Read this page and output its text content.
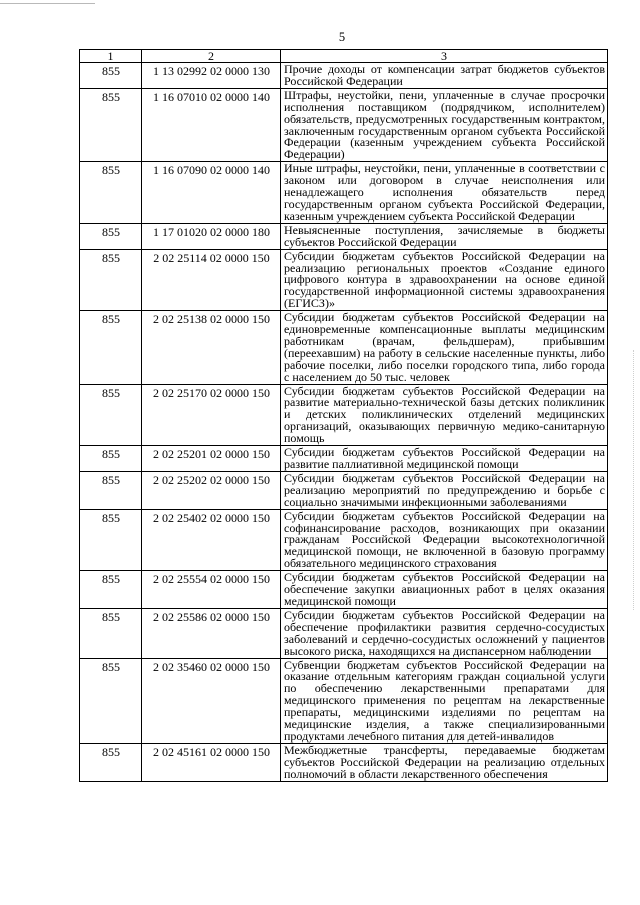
5
1	2	3
855	1 13 02992 02 0000 130	Прочие доходы от компенсации затрат бюджетов субъектов Российской Федерации
855	1 16 07010 02 0000 140	Штрафы, неустойки, пени, уплаченные в случае просрочки исполнения поставщиком (подрядчиком, исполнителем) обязательств, предусмотренных государственным контрактом, заключенным государственным органом субъекта Российской Федерации (казенным учреждением субъекта Российской Федерации)
855	1 16 07090 02 0000 140	Иные штрафы, неустойки, пени, уплаченные в соответствии с законом или договором в случае неисполнения или ненадлежащего исполнения обязательств перед государственным органом субъекта Российской Федерации, казенным учреждением субъекта Российской Федерации
855	1 17 01020 02 0000 180	Невыясненные поступления, зачисляемые в бюджеты субъектов Российской Федерации
855	2 02 25114 02 0000 150	Субсидии бюджетам субъектов Российской Федерации на реализацию региональных проектов «Создание единого цифрового контура в здравоохранении на основе единой государственной информационной системы здравоохранения (ЕГИСЗ)»
855	2 02 25138 02 0000 150	Субсидии бюджетам субъектов Российской Федерации на единовременные компенсационные выплаты медицинским работникам (врачам, фельдшерам), прибывшим (переехавшим) на работу в сельские населенные пункты, либо рабочие поселки, либо поселки городского типа, либо города с населением до 50 тыс. человек
855	2 02 25170 02 0000 150	Субсидии бюджетам субъектов Российской Федерации на развитие материально-технической базы детских поликлиник и детских поликлинических отделений медицинских организаций, оказывающих первичную медико-санитарную помощь
855	2 02 25201 02 0000 150	Субсидии бюджетам субъектов Российской Федерации на развитие паллиативной медицинской помощи
855	2 02 25202 02 0000 150	Субсидии бюджетам субъектов Российской Федерации на реализацию мероприятий по предупреждению и борьбе с социально значимыми инфекционными заболеваниями
855	2 02 25402 02 0000 150	Субсидии бюджетам субъектов Российской Федерации на софинансирование расходов, возникающих при оказании гражданам Российской Федерации высокотехнологичной медицинской помощи, не включенной в базовую программу обязательного медицинского страхования
855	2 02 25554 02 0000 150	Субсидии бюджетам субъектов Российской Федерации на обеспечение закупки авиационных работ в целях оказания медицинской помощи
855	2 02 25586 02 0000 150	Субсидии бюджетам субъектов Российской Федерации на обеспечение профилактики развития сердечно-сосудистых заболеваний и сердечно-сосудистых осложнений у пациентов высокого риска, находящихся на диспансерном наблюдении
855	2 02 35460 02 0000 150	Субвенции бюджетам субъектов Российской Федерации на оказание отдельным категориям граждан социальной услуги по обеспечению лекарственными препаратами для медицинского применения по рецептам на лекарственные препараты, медицинскими изделиями по рецептам на медицинские изделия, а также специализированными продуктами лечебного питания для детей-инвалидов
855	2 02 45161 02 0000 150	Межбюджетные трансферты, передаваемые бюджетам субъектов Российской Федерации на реализацию отдельных полномочий в области лекарственного обеспечения
